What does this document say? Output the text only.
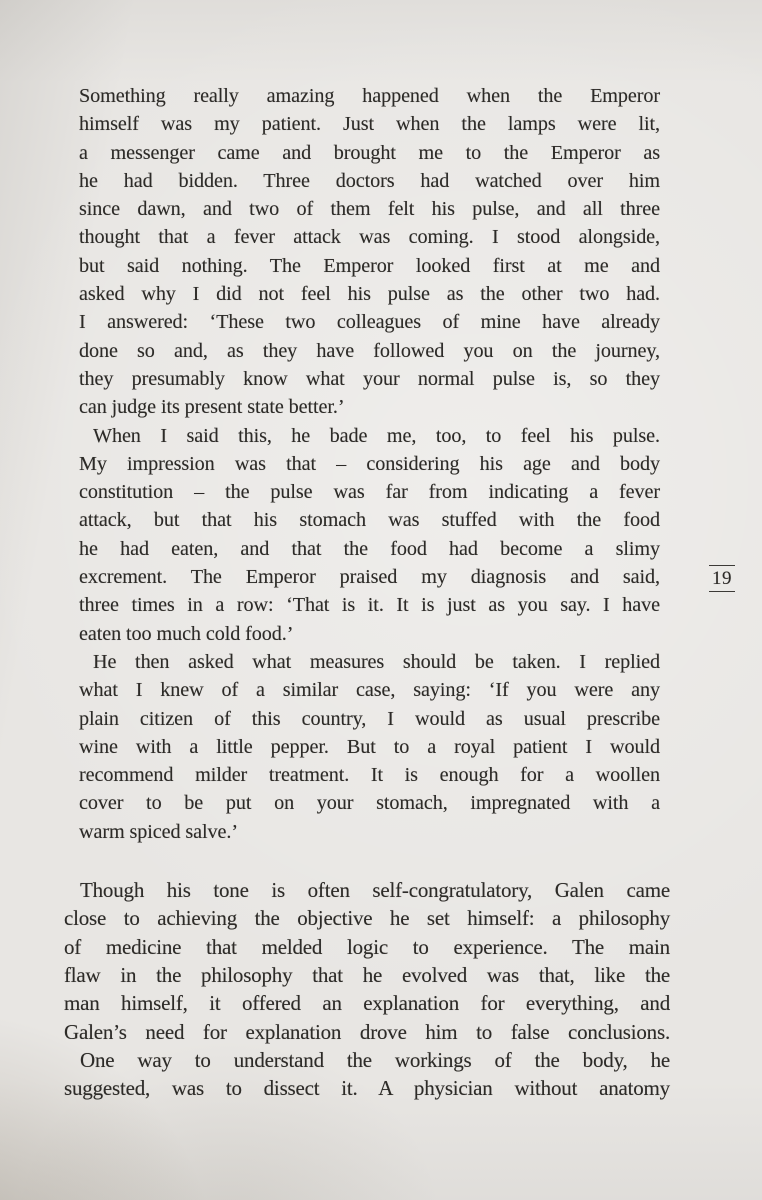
Something really amazing happened when the Emperor
himself was my patient. Just when the lamps were lit,
a messenger came and brought me to the Emperor as
he had bidden. Three doctors had watched over him
since dawn, and two of them felt his pulse, and all three
thought that a fever attack was coming. I stood alongside,
but said nothing. The Emperor looked first at me and
asked why I did not feel his pulse as the other two had.
I answered: ‘These two colleagues of mine have already
done so and, as they have followed you on the journey,
they presumably know what your normal pulse is, so they
can judge its present state better.’
When I said this, he bade me, too, to feel his pulse.
My impression was that – considering his age and body
constitution – the pulse was far from indicating a fever
attack, but that his stomach was stuffed with the food
he had eaten, and that the food had become a slimy
excrement. The Emperor praised my diagnosis and said,
three times in a row: ‘That is it. It is just as you say. I have
eaten too much cold food.’
He then asked what measures should be taken. I replied
what I knew of a similar case, saying: ‘If you were any
plain citizen of this country, I would as usual prescribe
wine with a little pepper. But to a royal patient I would
recommend milder treatment. It is enough for a woollen
cover to be put on your stomach, impregnated with a
warm spiced salve.’
Though his tone is often self-congratulatory, Galen came
close to achieving the objective he set himself: a philosophy
of medicine that melded logic to experience. The main
flaw in the philosophy that he evolved was that, like the
man himself, it offered an explanation for everything, and
Galen’s need for explanation drove him to false conclusions.
One way to understand the workings of the body, he
suggested, was to dissect it. A physician without anatomy
19
